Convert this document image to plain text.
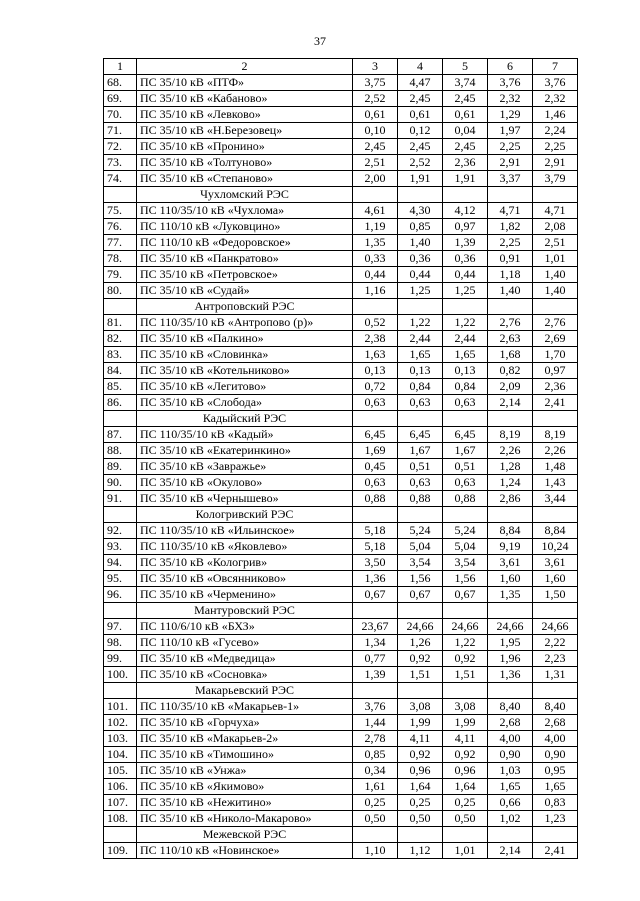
37
1	2	3	4	5	6	7
68.	ПС 35/10 кВ «ПТФ»	3,75	4,47	3,74	3,76	3,76
69.	ПС 35/10 кВ «Кабаново»	2,52	2,45	2,45	2,32	2,32
70.	ПС 35/10 кВ «Левково»	0,61	0,61	0,61	1,29	1,46
71.	ПС 35/10 кВ «Н.Березовец»	0,10	0,12	0,04	1,97	2,24
72.	ПС 35/10 кВ «Пронино»	2,45	2,45	2,45	2,25	2,25
73.	ПС 35/10 кВ «Толтуново»	2,51	2,52	2,36	2,91	2,91
74.	ПС 35/10 кВ «Степаново»	2,00	1,91	1,91	3,37	3,79
	Чухломский РЭС					
75.	ПС 110/35/10 кВ «Чухлома»	4,61	4,30	4,12	4,71	4,71
76.	ПС 110/10 кВ «Луковцино»	1,19	0,85	0,97	1,82	2,08
77.	ПС 110/10 кВ «Федоровское»	1,35	1,40	1,39	2,25	2,51
78.	ПС 35/10 кВ «Панкратово»	0,33	0,36	0,36	0,91	1,01
79.	ПС 35/10 кВ «Петровское»	0,44	0,44	0,44	1,18	1,40
80.	ПС 35/10 кВ «Судай»	1,16	1,25	1,25	1,40	1,40
	Антроповский РЭС					
81.	ПС 110/35/10 кВ «Антропово (р)»	0,52	1,22	1,22	2,76	2,76
82.	ПС 35/10 кВ «Палкино»	2,38	2,44	2,44	2,63	2,69
83.	ПС 35/10 кВ «Словинка»	1,63	1,65	1,65	1,68	1,70
84.	ПС 35/10 кВ «Котельниково»	0,13	0,13	0,13	0,82	0,97
85.	ПС 35/10 кВ «Легитово»	0,72	0,84	0,84	2,09	2,36
86.	ПС 35/10 кВ «Слобода»	0,63	0,63	0,63	2,14	2,41
	Кадыйский РЭС					
87.	ПС 110/35/10 кВ «Кадый»	6,45	6,45	6,45	8,19	8,19
88.	ПС 35/10 кВ «Екатеринкино»	1,69	1,67	1,67	2,26	2,26
89.	ПС 35/10 кВ «Завражье»	0,45	0,51	0,51	1,28	1,48
90.	ПС 35/10 кВ «Окулово»	0,63	0,63	0,63	1,24	1,43
91.	ПС 35/10 кВ «Чернышево»	0,88	0,88	0,88	2,86	3,44
	Кологривский РЭС					
92.	ПС 110/35/10 кВ «Ильинское»	5,18	5,24	5,24	8,84	8,84
93.	ПС 110/35/10 кВ «Яковлево»	5,18	5,04	5,04	9,19	10,24
94.	ПС 35/10 кВ «Кологрив»	3,50	3,54	3,54	3,61	3,61
95.	ПС 35/10 кВ «Овсянниково»	1,36	1,56	1,56	1,60	1,60
96.	ПС 35/10 кВ «Черменино»	0,67	0,67	0,67	1,35	1,50
	Мантуровский РЭС					
97.	ПС 110/6/10 кВ «БХЗ»	23,67	24,66	24,66	24,66	24,66
98.	ПС 110/10 кВ «Гусево»	1,34	1,26	1,22	1,95	2,22
99.	ПС 35/10 кВ «Медведица»	0,77	0,92	0,92	1,96	2,23
100.	ПС 35/10 кВ «Сосновка»	1,39	1,51	1,51	1,36	1,31
	Макарьевский РЭС					
101.	ПС 110/35/10 кВ «Макарьев-1»	3,76	3,08	3,08	8,40	8,40
102.	ПС 35/10 кВ «Горчуха»	1,44	1,99	1,99	2,68	2,68
103.	ПС 35/10 кВ «Макарьев-2»	2,78	4,11	4,11	4,00	4,00
104.	ПС 35/10 кВ «Тимошино»	0,85	0,92	0,92	0,90	0,90
105.	ПС 35/10 кВ «Унжа»	0,34	0,96	0,96	1,03	0,95
106.	ПС 35/10 кВ «Якимово»	1,61	1,64	1,64	1,65	1,65
107.	ПС 35/10 кВ «Нежитино»	0,25	0,25	0,25	0,66	0,83
108.	ПС 35/10 кВ «Николо-Макарово»	0,50	0,50	0,50	1,02	1,23
	Межевской РЭС					
109.	ПС 110/10 кВ «Новинское»	1,10	1,12	1,01	2,14	2,41
